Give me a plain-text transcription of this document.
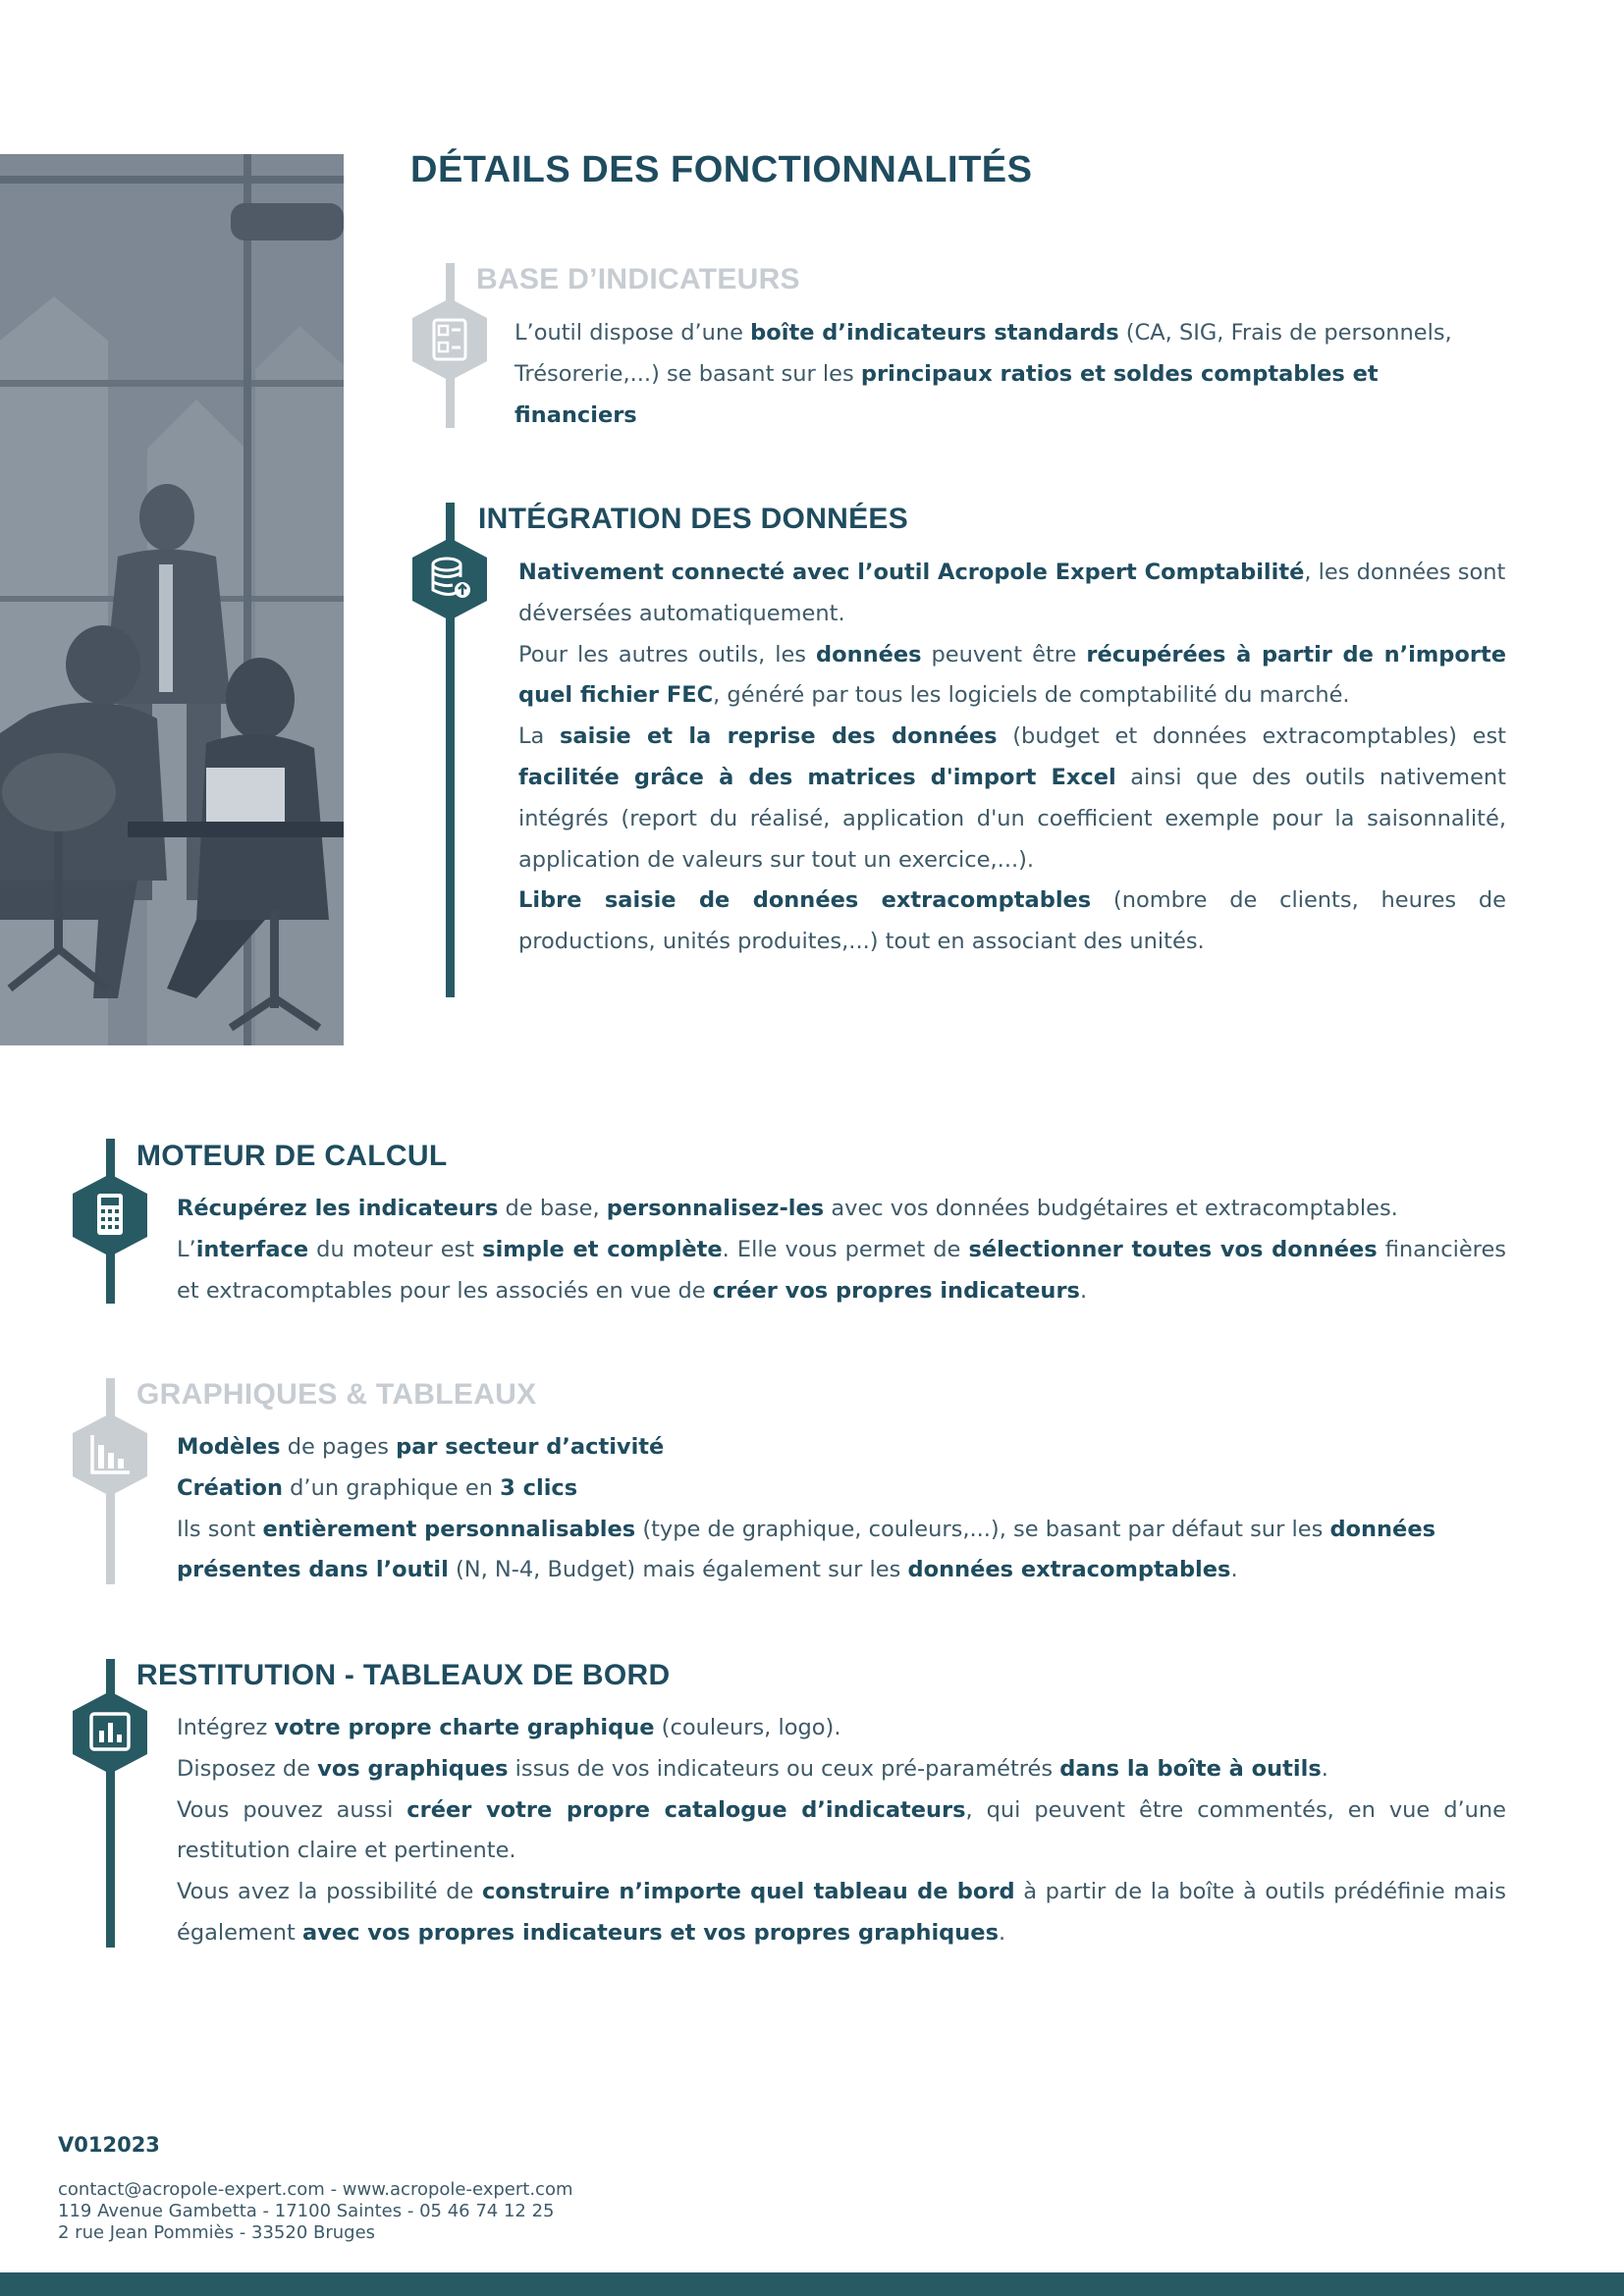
DÉTAILS DES FONCTIONNALITÉS
BASE D’INDICATEURS

L’outil dispose d’une boîte d’indicateurs standards (CA, SIG, Frais de personnels, Trésorerie,...) se basant sur les principaux ratios et soldes comptables et financiers

INTÉGRATION DES DONNÉES

Nativement connecté avec l’outil Acropole Expert Comptabilité, les données sont déversées automatiquement.

Pour les autres outils, les données peuvent être récupérées à partir de n’importe quel fichier FEC, généré par tous les logiciels de comptabilité du marché.

La saisie et la reprise des données (budget et données extracomptables) est facilitée grâce à des matrices d'import Excel ainsi que des outils nativement intégrés (report du réalisé, application d'un coefficient exemple pour la saisonnalité, application de valeurs sur tout un exercice,...).

Libre saisie de données extracomptables (nombre de clients, heures de productions, unités produites,...) tout en associant des unités.

MOTEUR DE CALCUL

Récupérez les indicateurs de base, personnalisez-les avec vos données budgétaires et extracomptables.

L’interface du moteur est simple et complète. Elle vous permet de sélectionner toutes vos données financières et extracomptables pour les associés en vue de créer vos propres indicateurs.

GRAPHIQUES & TABLEAUX

Modèles de pages par secteur d’activité

Création d’un graphique en 3 clics

Ils sont entièrement personnalisables (type de graphique, couleurs,...), se basant par défaut sur les données présentes dans l’outil (N, N-4, Budget) mais également sur les données extracomptables.

RESTITUTION - TABLEAUX DE BORD

Intégrez votre propre charte graphique (couleurs, logo).

Disposez de vos graphiques issus de vos indicateurs ou ceux pré-paramétrés dans la boîte à outils.

Vous pouvez aussi créer votre propre catalogue d’indicateurs, qui peuvent être commentés, en vue d’une restitution claire et pertinente.

Vous avez la possibilité de construire n’importe quel tableau de bord à partir de la boîte à outils prédéfinie mais également avec vos propres indicateurs et vos propres graphiques.

V012023

contact@acropole-expert.com - www.acropole-expert.com

119 Avenue Gambetta - 17100 Saintes - 05 46 74 12 25

2 rue Jean Pommiès - 33520 Bruges
